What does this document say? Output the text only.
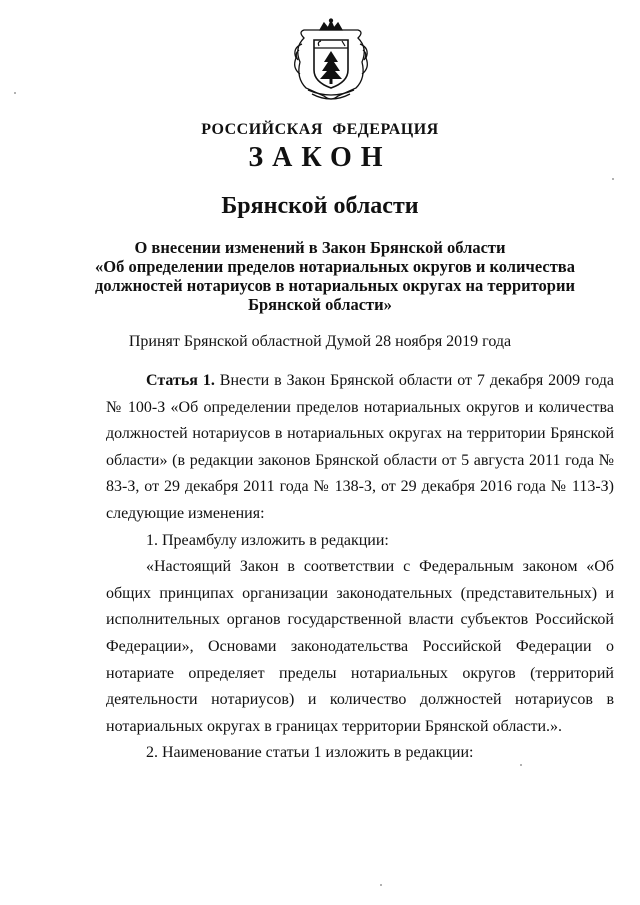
РОССИЙСКАЯ ФЕДЕРАЦИЯ
ЗАКОН
Брянской области
О внесении изменений в Закон Брянской области
«Об определении пределов нотариальных округов и количества
должностей нотариусов в нотариальных округах на территории
Брянской области»
Принят Брянской областной Думой 28 ноября 2019 года

Статья 1. Внести в Закон Брянской области от 7 декабря 2009 года № 100-З «Об определении пределов нотариальных округов и количества должностей нотариусов в нотариальных округах на территории Брянской области» (в редакции законов Брянской области от 5 августа 2011 года № 83-З, от 29 декабря 2011 года № 138-З, от 29 декабря 2016 года № 113-З) следующие изменения:

1. Преамбулу изложить в редакции:

«Настоящий Закон в соответствии с Федеральным законом «Об общих принципах организации законодательных (представительных) и исполнительных органов государственной власти субъектов Российской Федерации», Основами законодательства Российской Федерации о нотариате определяет пределы нотариальных округов (территорий деятельности нотариусов) и количество должностей нотариусов в нотариальных округах в границах территории Брянской области.».

2. Наименование статьи 1 изложить в редакции:
